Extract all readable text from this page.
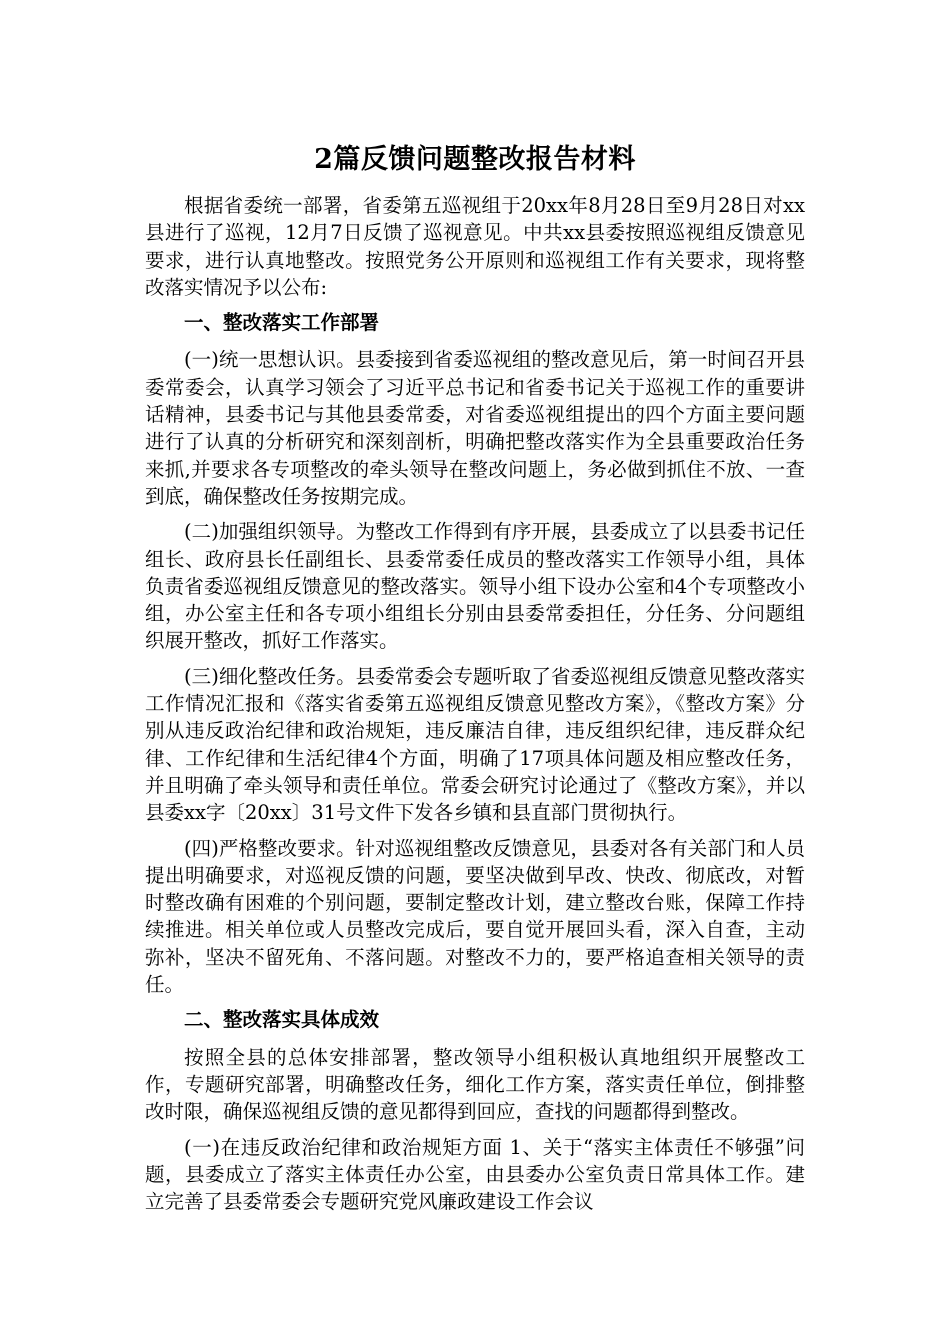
2篇反馈问题整改报告材料

根据省委统一部署，省委第五巡视组于20xx年8月28日至9月28日对xx县进行了巡视，12月7日反馈了巡视意见。中共xx县委按照巡视组反馈意见要求，进行认真地整改。按照党务公开原则和巡视组工作有关要求，现将整改落实情况予以公布:

一、整改落实工作部署

(一)统一思想认识。县委接到省委巡视组的整改意见后，第一时间召开县委常委会，认真学习领会了习近平总书记和省委书记关于巡视工作的重要讲话精神，县委书记与其他县委常委，对省委巡视组提出的四个方面主要问题进行了认真的分析研究和深刻剖析，明确把整改落实作为全县重要政治任务来抓,并要求各专项整改的牵头领导在整改问题上，务必做到抓住不放、一查到底，确保整改任务按期完成。

(二)加强组织领导。为整改工作得到有序开展，县委成立了以县委书记任组长、政府县长任副组长、县委常委任成员的整改落实工作领导小组，具体负责省委巡视组反馈意见的整改落实。领导小组下设办公室和4个专项整改小组，办公室主任和各专项小组组长分别由县委常委担任，分任务、分问题组织展开整改，抓好工作落实。

(三)细化整改任务。县委常委会专题听取了省委巡视组反馈意见整改落实工作情况汇报和《落实省委第五巡视组反馈意见整改方案》，《整改方案》分别从违反政治纪律和政治规矩，违反廉洁自律，违反组织纪律，违反群众纪律、工作纪律和生活纪律4个方面，明确了17项具体问题及相应整改任务，并且明确了牵头领导和责任单位。常委会研究讨论通过了《整改方案》，并以县委xx字〔20xx〕31号文件下发各乡镇和县直部门贯彻执行。

(四)严格整改要求。针对巡视组整改反馈意见，县委对各有关部门和人员提出明确要求，对巡视反馈的问题，要坚决做到早改、快改、彻底改，对暂时整改确有困难的个别问题，要制定整改计划，建立整改台账，保障工作持续推进。相关单位或人员整改完成后，要自觉开展回头看，深入自查，主动弥补，坚决不留死角、不落问题。对整改不力的，要严格追查相关领导的责任。

二、整改落实具体成效

按照全县的总体安排部署，整改领导小组积极认真地组织开展整改工作，专题研究部署，明确整改任务，细化工作方案，落实责任单位，倒排整改时限，确保巡视组反馈的意见都得到回应，查找的问题都得到整改。

(一)在违反政治纪律和政治规矩方面 1、关于“落实主体责任不够强”问题，县委成立了落实主体责任办公室，由县委办公室负责日常具体工作。建立完善了县委常委会专题研究党风廉政建设工作会议
